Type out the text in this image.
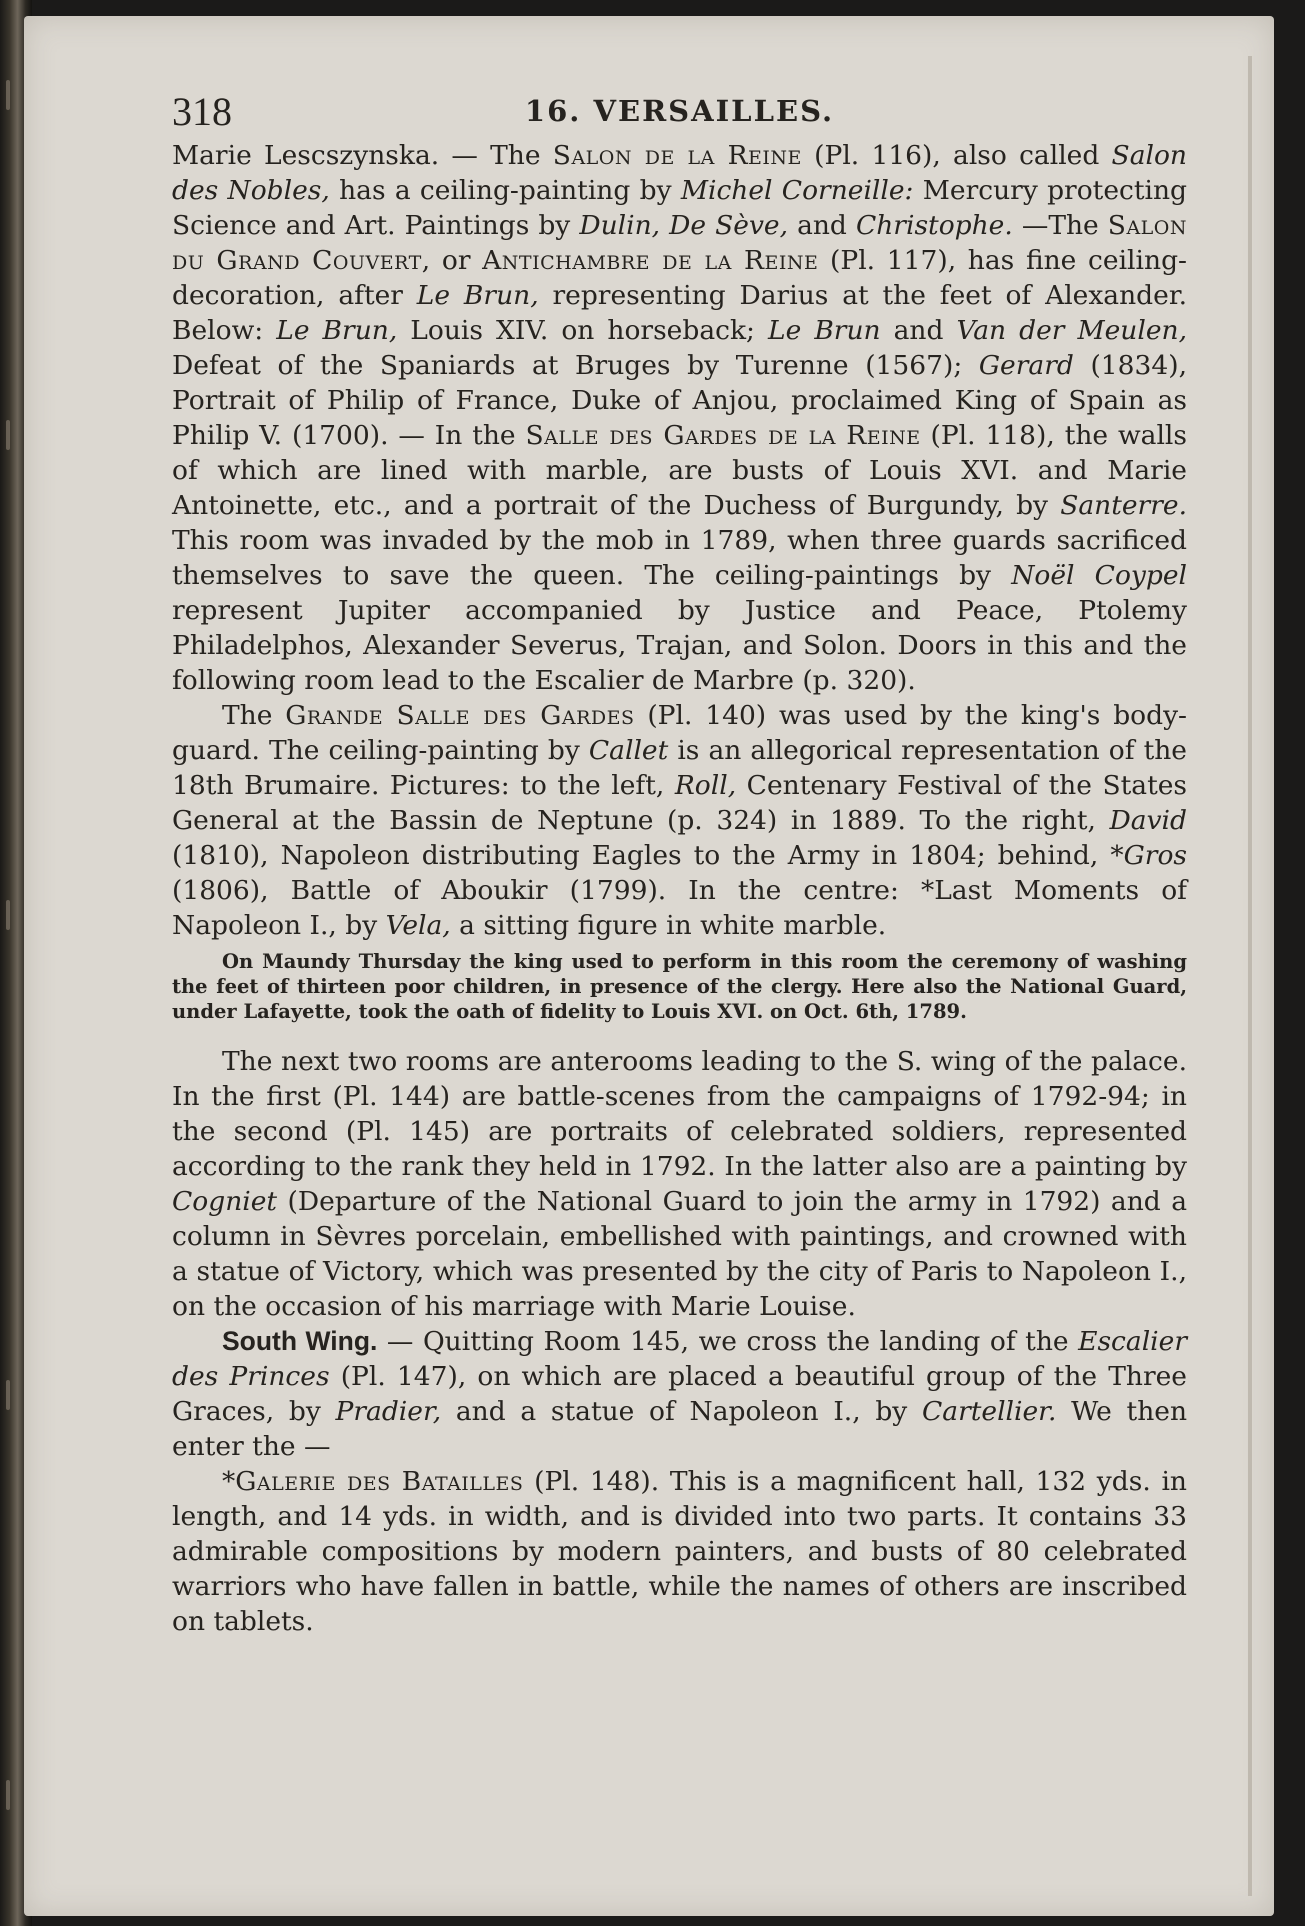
318	16. VERSAILLES.

Marie Lescszynska. — The Salon de la Reine (Pl. 116), also called Salon des Nobles, has a ceiling-painting by Michel Corneille: Mercury protecting Science and Art. Paintings by Dulin, De Sève, and Christophe. —The Salon du Grand Couvert, or Antichambre de la Reine (Pl. 117), has fine ceiling-decoration, after Le Brun, representing Darius at the feet of Alexander. Below: Le Brun, Louis XIV. on horseback; Le Brun and Van der Meulen, Defeat of the Spaniards at Bruges by Turenne (1567); Gerard (1834), Portrait of Philip of France, Duke of Anjou, proclaimed King of Spain as Philip V. (1700). — In the Salle des Gardes de la Reine (Pl. 118), the walls of which are lined with marble, are busts of Louis XVI. and Marie Antoinette, etc., and a portrait of the Duchess of Burgundy, by Santerre. This room was invaded by the mob in 1789, when three guards sacrificed themselves to save the queen. The ceiling-paintings by Noël Coypel represent Jupiter accompanied by Justice and Peace, Ptolemy Philadelphos, Alexander Severus, Trajan, and Solon. Doors in this and the following room lead to the Escalier de Marbre (p. 320).

The Grande Salle des Gardes (Pl. 140) was used by the king's body-guard. The ceiling-painting by Callet is an allegorical representation of the 18th Brumaire. Pictures: to the left, Roll, Centenary Festival of the States General at the Bassin de Neptune (p. 324) in 1889. To the right, David (1810), Napoleon distributing Eagles to the Army in 1804; behind, *Gros (1806), Battle of Aboukir (1799). In the centre: *Last Moments of Napoleon I., by Vela, a sitting figure in white marble.

On Maundy Thursday the king used to perform in this room the ceremony of washing the feet of thirteen poor children, in presence of the clergy. Here also the National Guard, under Lafayette, took the oath of fidelity to Louis XVI. on Oct. 6th, 1789.

The next two rooms are anterooms leading to the S. wing of the palace. In the first (Pl. 144) are battle-scenes from the campaigns of 1792-94; in the second (Pl. 145) are portraits of celebrated soldiers, represented according to the rank they held in 1792. In the latter also are a painting by Cogniet (Departure of the National Guard to join the army in 1792) and a column in Sèvres porcelain, embellished with paintings, and crowned with a statue of Victory, which was presented by the city of Paris to Napoleon I., on the occasion of his marriage with Marie Louise.

South Wing. — Quitting Room 145, we cross the landing of the Escalier des Princes (Pl. 147), on which are placed a beautiful group of the Three Graces, by Pradier, and a statue of Napoleon I., by Cartellier. We then enter the —

*Galerie des Batailles (Pl. 148). This is a magnificent hall, 132 yds. in length, and 14 yds. in width, and is divided into two parts. It contains 33 admirable compositions by modern painters, and busts of 80 celebrated warriors who have fallen in battle, while the names of others are inscribed on tablets.
